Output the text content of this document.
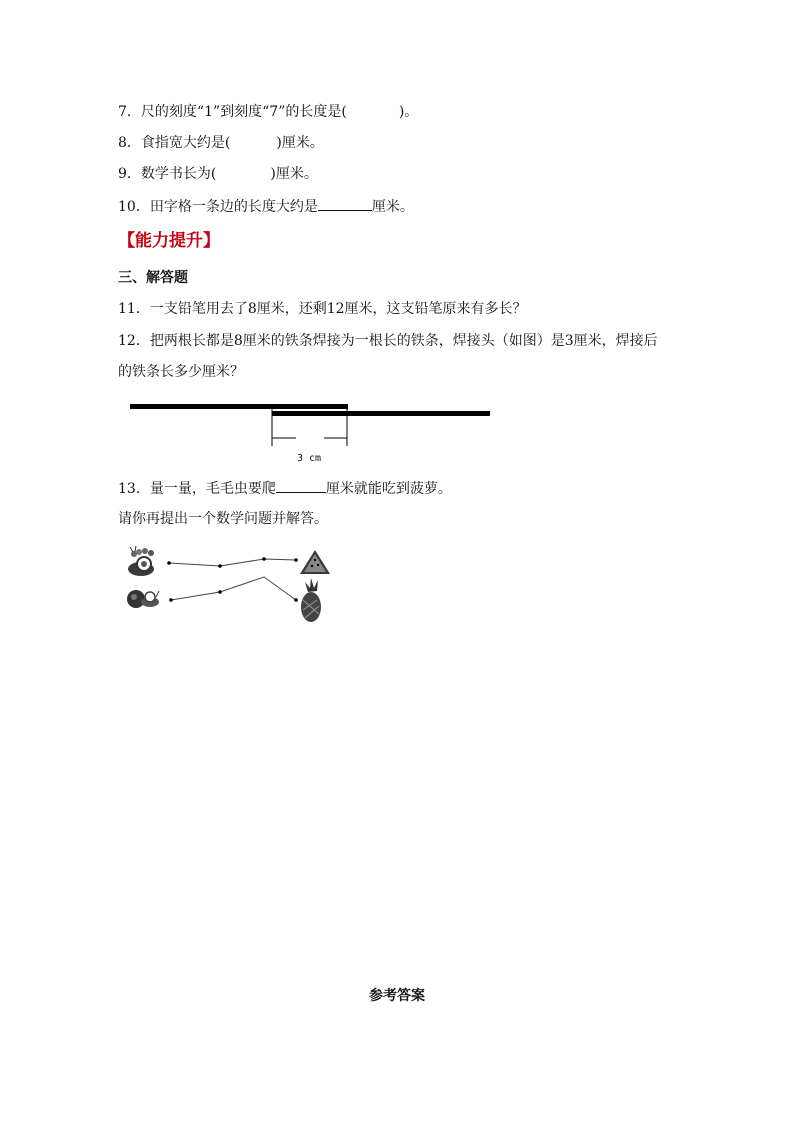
7．尺的刻度“1”到刻度“7”的长度是(	)。
8．食指宽大约是(	)厘米。
9．数学书长为(	)厘米。
10．田字格一条边的长度大约是	厘米。
【能力提升】
三、解答题
11．一支铅笔用去了8厘米，还剩12厘米，这支铅笔原来有多长？
12．把两根长都是8厘米的铁条焊接为一根长的铁条，焊接头（如图）是3厘米，焊接后
的铁条长多少厘米？
3 cm
13．量一量，毛毛虫要爬	厘米就能吃到菠萝。
请你再提出一个数学问题并解答。
参考答案
